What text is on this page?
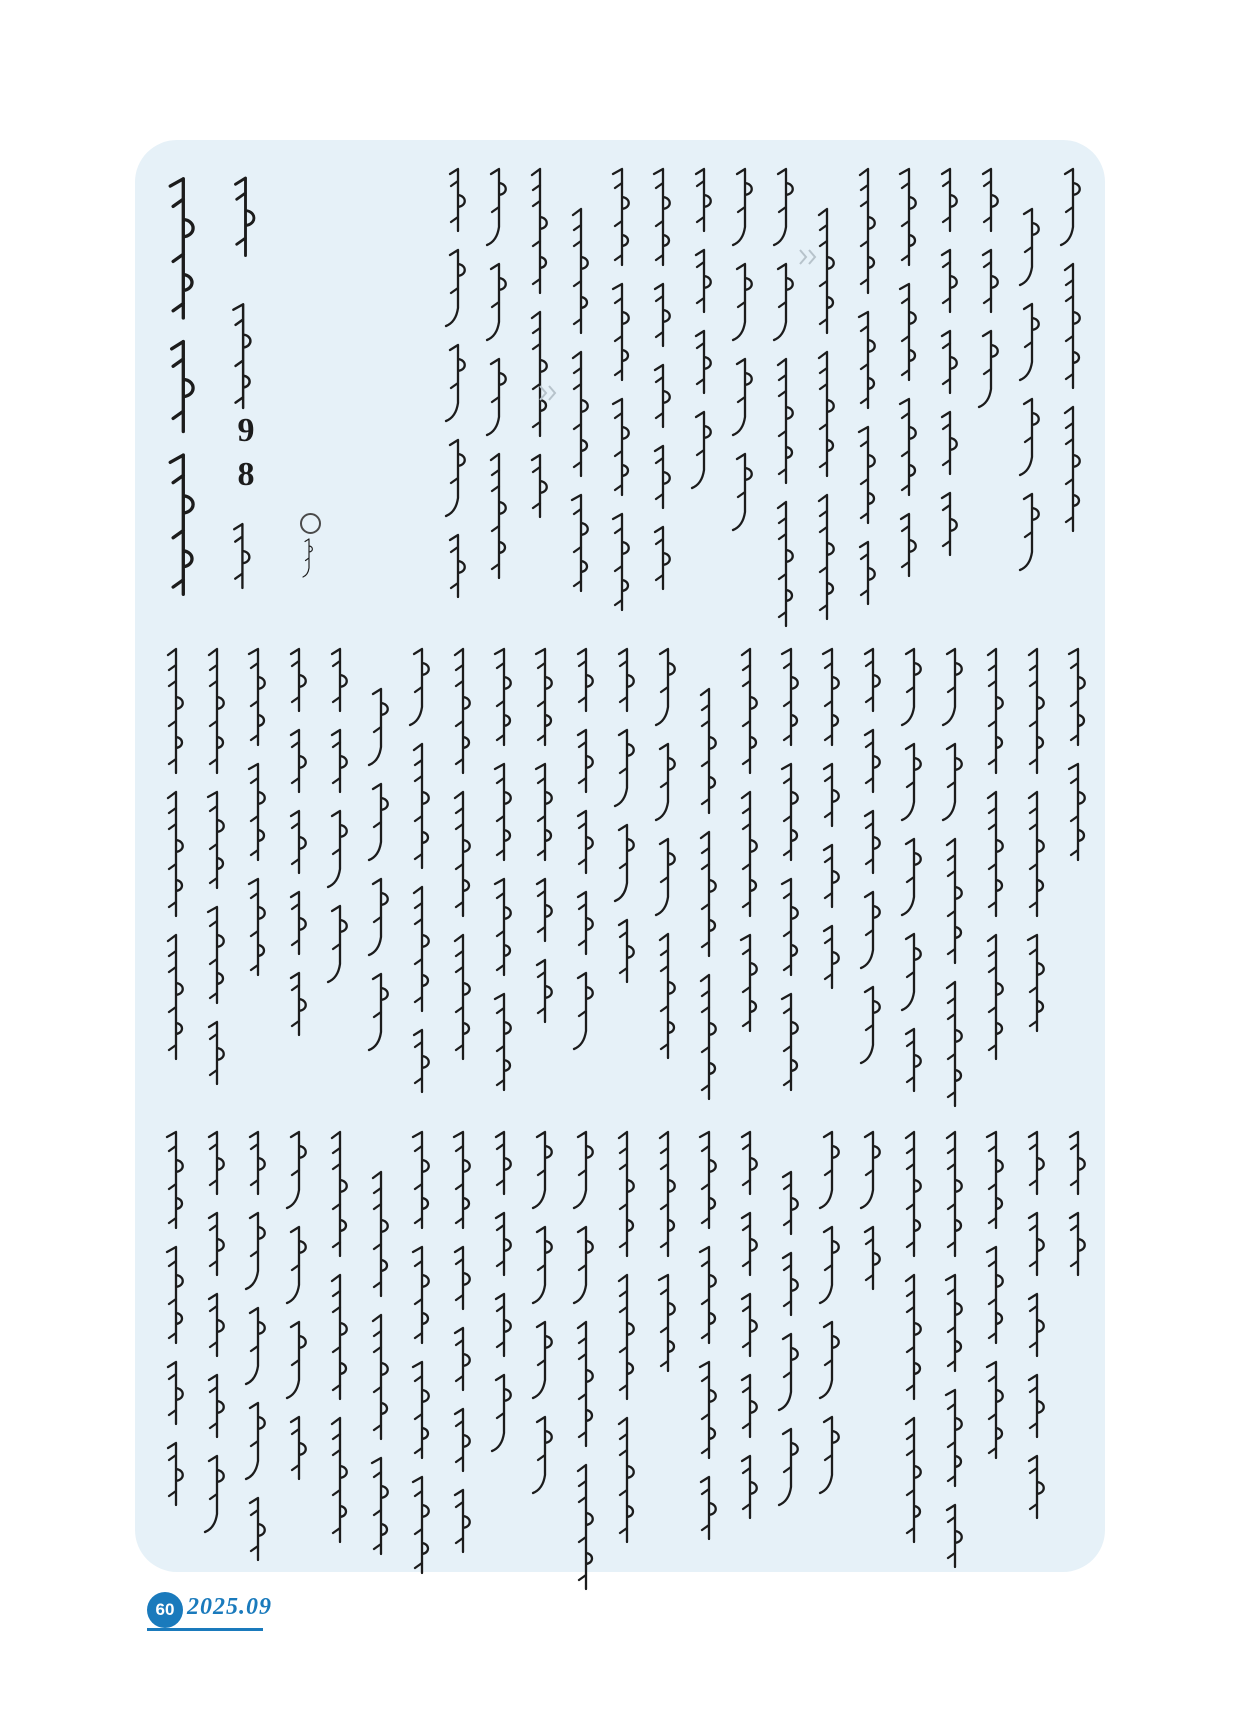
9
8
60 2025.09
